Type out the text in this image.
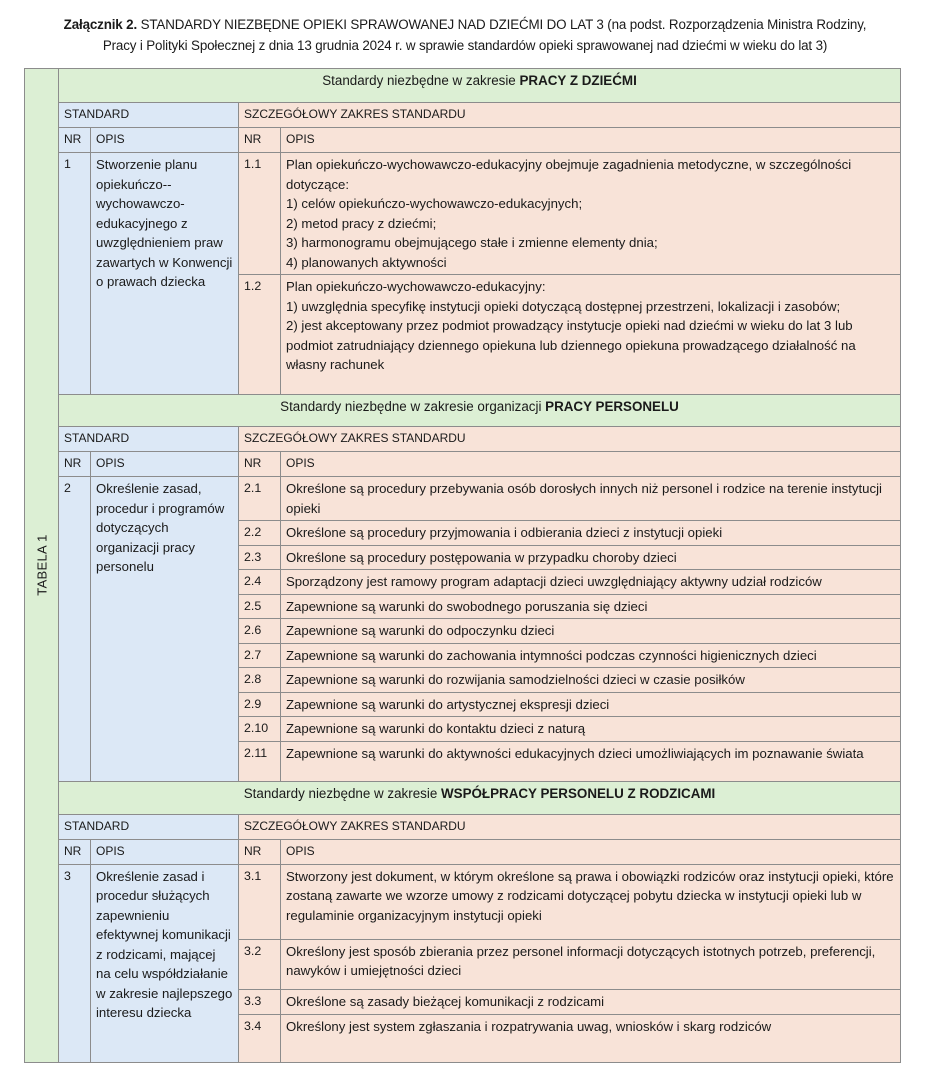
Załącznik 2. STANDARDY NIEZBĘDNE OPIEKI SPRAWOWANEJ NAD DZIEĆMI DO LAT 3 (na podst. Rozporządzenia Ministra Rodziny,
Pracy i Polityki Społecznej z dnia 13 grudnia 2024 r. w sprawie standardów opieki sprawowanej nad dziećmi w wieku do lat 3)
TABELA 1	Standardy niezbędne w zakresie PRACY Z DZIEĆMI			
	STANDARD		SZCZEGÓŁOWY ZAKRES STANDARDU	
	NR	OPIS	NR	OPIS
	1	Stworzenie planu opiekuńczo--wychowawczo-edukacyjnego z uwzględnieniem praw zawartych w Konwencji o prawach dziecka	1.1	Plan opiekuńczo-wychowawczo-edukacyjny obejmuje zagadnienia metodyczne, w szczególności dotyczące:
1) celów opiekuńczo-wychowawczo-edukacyjnych;
2) metod pracy z dziećmi;
3) harmonogramu obejmującego stałe i zmienne elementy dnia;
4) planowanych aktywności

			1.2	Plan opiekuńczo-wychowawczo-edukacyjny:
1) uwzględnia specyfikę instytucji opieki dotyczącą dostępnej przestrzeni, lokalizacji i zasobów;
2) jest akceptowany przez podmiot prowadzący instytucje opieki nad dziećmi w wieku do lat 3 lub podmiot zatrudniający dziennego opiekuna lub dziennego opiekuna prowadzącego działalność na własny rachunek

	Standardy niezbędne w zakresie organizacji PRACY PERSONELU			
	STANDARD		SZCZEGÓŁOWY ZAKRES STANDARDU	
	NR	OPIS	NR	OPIS
	2	Określenie zasad, procedur i programów dotyczących organizacji pracy personelu	2.1	Określone są procedury przebywania osób dorosłych innych niż personel i rodzice na terenie instytucji opieki
			2.2	Określone są procedury przyjmowania i odbierania dzieci z instytucji opieki
			2.3	Określone są procedury postępowania w przypadku choroby dzieci
			2.4	Sporządzony jest ramowy program adaptacji dzieci uwzględniający aktywny udział rodziców
			2.5	Zapewnione są warunki do swobodnego poruszania się dzieci
			2.6	Zapewnione są warunki do odpoczynku dzieci
			2.7	Zapewnione są warunki do zachowania intymności podczas czynności higienicznych dzieci
			2.8	Zapewnione są warunki do rozwijania samodzielności dzieci w czasie posiłków
			2.9	Zapewnione są warunki do artystycznej ekspresji dzieci
			2.10	Zapewnione są warunki do kontaktu dzieci z naturą
			2.11	Zapewnione są warunki do aktywności edukacyjnych dzieci umożliwiających im poznawanie świata
	Standardy niezbędne w zakresie WSPÓŁPRACY PERSONELU Z RODZICAMI			
	STANDARD		SZCZEGÓŁOWY ZAKRES STANDARDU	
	NR	OPIS	NR	OPIS
	3	Określenie zasad i procedur służących zapewnieniu efektywnej komunikacji z rodzicami, mającej na celu współdziałanie w zakresie najlepszego interesu dziecka	3.1	Stworzony jest dokument, w którym określone są prawa i obowiązki rodziców oraz instytucji opieki, które zostaną zawarte we wzorze umowy z rodzicami dotyczącej pobytu dziecka w instytucji opieki lub w regulaminie organizacyjnym instytucji opieki
			3.2	Określony jest sposób zbierania przez personel informacji dotyczących istotnych potrzeb, preferencji, nawyków i umiejętności dzieci
			3.3	Określone są zasady bieżącej komunikacji z rodzicami
			3.4	Określony jest system zgłaszania i rozpatrywania uwag, wniosków i skarg rodziców
